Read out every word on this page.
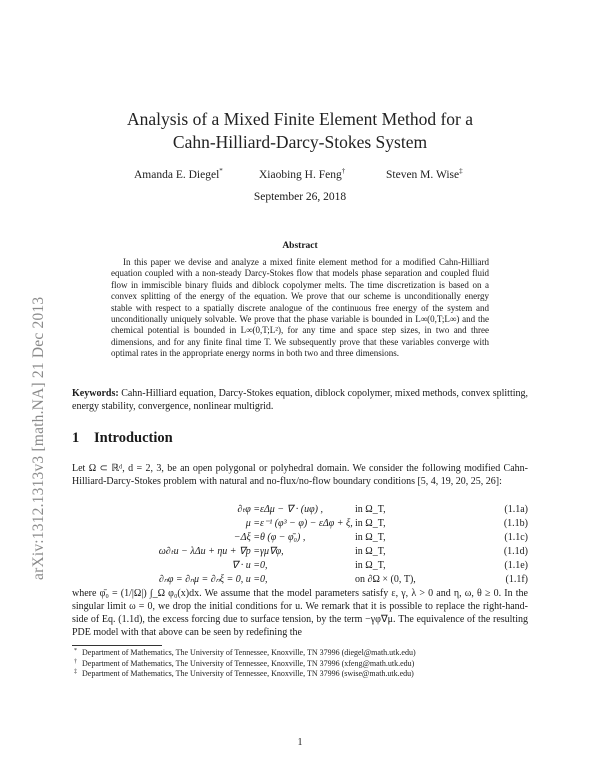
arXiv:1312.1313v3 [math.NA] 21 Dec 2013
Analysis of a Mixed Finite Element Method for a
Cahn-Hilliard-Darcy-Stokes System
Amanda E. Diegel*	Xiaobing H. Feng†	Steven M. Wise‡
September 26, 2018
Abstract
In this paper we devise and analyze a mixed finite element method for a modified Cahn-Hilliard equation coupled with a non-steady Darcy-Stokes flow that models phase separation and coupled fluid flow in immiscible binary fluids and diblock copolymer melts. The time discretization is based on a convex splitting of the energy of the equation. We prove that our scheme is unconditionally energy stable with respect to a spatially discrete analogue of the continuous free energy of the system and unconditionally uniquely solvable. We prove that the phase variable is bounded in L∞(0,T;L∞) and the chemical potential is bounded in L∞(0,T;L²), for any time and space step sizes, in two and three dimensions, and for any finite final time T. We subsequently prove that these variables converge with optimal rates in the appropriate energy norms in both two and three dimensions.
Keywords: Cahn-Hilliard equation, Darcy-Stokes equation, diblock copolymer, mixed methods, convex splitting, energy stability, convergence, nonlinear multigrid.
1 Introduction
Let Ω ⊂ ℝᵈ, d = 2, 3, be an open polygonal or polyhedral domain. We consider the following modified Cahn-Hilliard-Darcy-Stokes problem with natural and no-flux/no-flow boundary conditions [5, 4, 19, 20, 25, 26]:
∂ₜφ = εΔμ − ∇ · (uφ) ,	in Ω_T,	(1.1a)
μ = ε⁻¹ (φ³ − φ) − εΔφ + ξ, in Ω_T,	(1.1b)
−Δξ = θ (φ − φ̄₀) ,	in Ω_T,	(1.1c)
ω∂ₜu − λΔu + ηu + ∇p = γμ∇φ,	in Ω_T,	(1.1d)
∇ · u = 0,	in Ω_T,	(1.1e)
∂ₙφ = ∂ₙμ = ∂ₙξ = 0, u = 0,	on ∂Ω × (0, T),	(1.1f)
where φ̄₀ = (1/|Ω|) ∫_Ω φ₀(x)dx. We assume that the model parameters satisfy ε, γ, λ > 0 and η, ω, θ ≥ 0. In the singular limit ω = 0, we drop the initial conditions for u. We remark that it is possible to replace the right-hand-side of Eq. (1.1d), the excess forcing due to surface tension, by the term −γφ∇μ. The equivalence of the resulting PDE model with that above can be seen by redefining the
* Department of Mathematics, The University of Tennessee, Knoxville, TN 37996 (diegel@math.utk.edu)
† Department of Mathematics, The University of Tennessee, Knoxville, TN 37996 (xfeng@math.utk.edu)
‡ Department of Mathematics, The University of Tennessee, Knoxville, TN 37996 (swise@math.utk.edu)
1
